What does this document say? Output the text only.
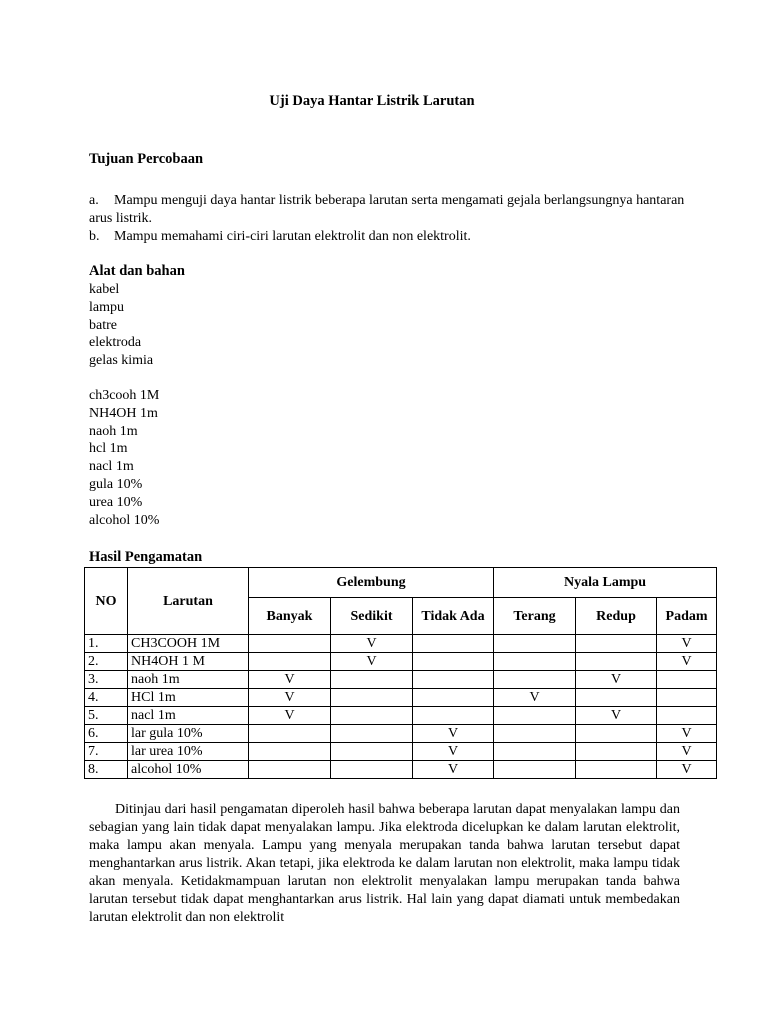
Uji Daya Hantar Listrik Larutan
Tujuan Percobaan

a. Mampu menguji daya hantar listrik beberapa larutan serta mengamati gejala berlangsungnya hantaran arus listrik.

b. Mampu memahami ciri-ciri larutan elektrolit dan non elektrolit.

Alat dan bahan
kabel
lampu
batre
elektroda
gelas kimia
ch3cooh 1M
NH4OH 1m
naoh 1m
hcl 1m
nacl 1m
gula 10%
urea 10%
alcohol 10%
Hasil Pengamatan
NO	Larutan	Gelembung			Nyala Lampu		
		Banyak	Sedikit	Tidak Ada	Terang	Redup	Padam
1.	CH3COOH 1M		V				V
2.	NH4OH 1 M		V				V
3.	naoh 1m	V				V	
4.	HCl 1m	V			V		
5.	nacl 1m	V				V	
6.	lar gula 10%			V			V
7.	lar urea 10%			V			V
8.	alcohol 10%			V			V

Ditinjau dari hasil pengamatan diperoleh hasil bahwa beberapa larutan dapat menyalakan lampu dan sebagian yang lain tidak dapat menyalakan lampu. Jika elektroda dicelupkan ke dalam larutan elektrolit, maka lampu akan menyala. Lampu yang menyala merupakan tanda bahwa larutan tersebut dapat menghantarkan arus listrik. Akan tetapi, jika elektroda ke dalam larutan non elektrolit, maka lampu tidak akan menyala. Ketidakmampuan larutan non elektrolit menyalakan lampu merupakan tanda bahwa larutan tersebut tidak dapat menghantarkan arus listrik. Hal lain yang dapat diamati untuk membedakan larutan elektrolit dan non elektrolit
